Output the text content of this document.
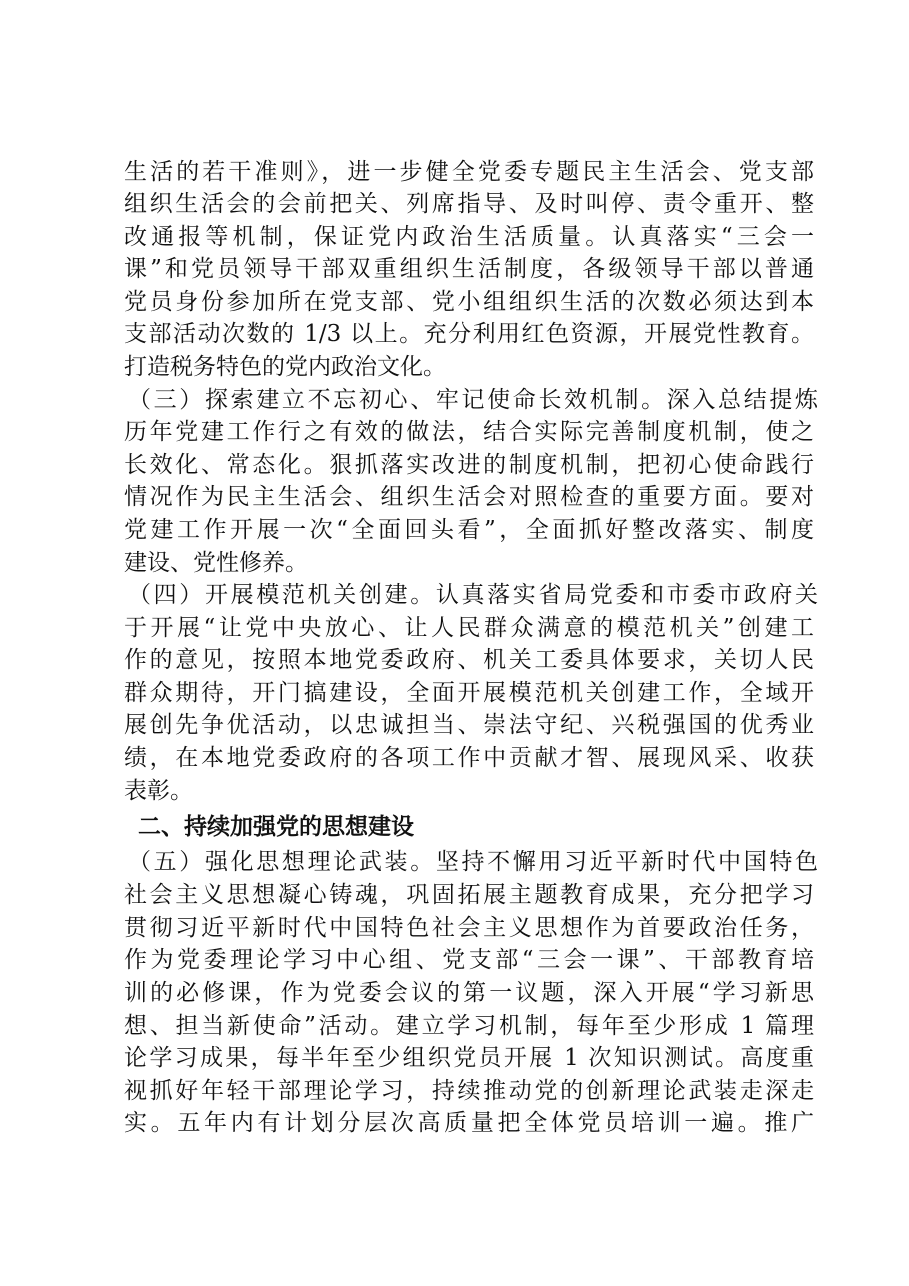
生活的若干准则》，进一步健全党委专题民主生活会、党支部
组织生活会的会前把关、列席指导、及时叫停、责令重开、整
改通报等机制，保证党内政治生活质量。认真落实“三会一
课”和党员领导干部双重组织生活制度，各级领导干部以普通
党员身份参加所在党支部、党小组组织生活的次数必须达到本
支部活动次数的 1/3 以上。充分利用红色资源，开展党性教育。
打造税务特色的党内政治文化。
（三）探索建立不忘初心、牢记使命长效机制。深入总结提炼
历年党建工作行之有效的做法，结合实际完善制度机制，使之
长效化、常态化。狠抓落实改进的制度机制，把初心使命践行
情况作为民主生活会、组织生活会对照检查的重要方面。要对
党建工作开展一次“全面回头看”，全面抓好整改落实、制度
建设、党性修养。
（四）开展模范机关创建。认真落实省局党委和市委市政府关
于开展“让党中央放心、让人民群众满意的模范机关”创建工
作的意见，按照本地党委政府、机关工委具体要求，关切人民
群众期待，开门搞建设，全面开展模范机关创建工作，全域开
展创先争优活动，以忠诚担当、崇法守纪、兴税强国的优秀业
绩，在本地党委政府的各项工作中贡献才智、展现风采、收获
表彰。
二、持续加强党的思想建设
（五）强化思想理论武装。坚持不懈用习近平新时代中国特色
社会主义思想凝心铸魂，巩固拓展主题教育成果，充分把学习
贯彻习近平新时代中国特色社会主义思想作为首要政治任务，
作为党委理论学习中心组、党支部“三会一课”、干部教育培
训的必修课，作为党委会议的第一议题，深入开展“学习新思
想、担当新使命”活动。建立学习机制，每年至少形成 1 篇理
论学习成果，每半年至少组织党员开展 1 次知识测试。高度重
视抓好年轻干部理论学习，持续推动党的创新理论武装走深走
实。五年内有计划分层次高质量把全体党员培训一遍。推广
